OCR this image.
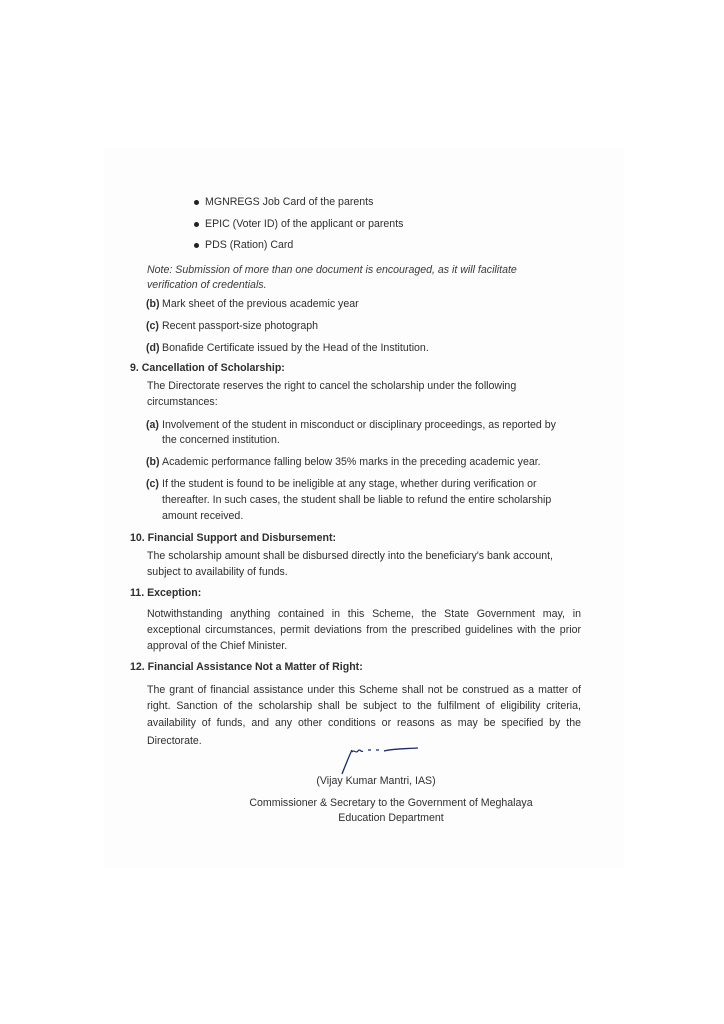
MGNREGS Job Card of the parents
EPIC (Voter ID) of the applicant or parents
PDS (Ration) Card
Note: Submission of more than one document is encouraged, as it will facilitate
verification of credentials.
(b) Mark sheet of the previous academic year
(c) Recent passport-size photograph
(d) Bonafide Certificate issued by the Head of the Institution.
9. Cancellation of Scholarship:
The Directorate reserves the right to cancel the scholarship under the following
circumstances:
(a) Involvement of the student in misconduct or disciplinary proceedings, as reported by
the concerned institution.
(b) Academic performance falling below 35% marks in the preceding academic year.
(c) If the student is found to be ineligible at any stage, whether during verification or
thereafter. In such cases, the student shall be liable to refund the entire scholarship
amount received.
10. Financial Support and Disbursement:
The scholarship amount shall be disbursed directly into the beneficiary's bank account,
subject to availability of funds.
11. Exception:
Notwithstanding anything contained in this Scheme, the State Government may, in
exceptional circumstances, permit deviations from the prescribed guidelines with the prior
approval of the Chief Minister.
12. Financial Assistance Not a Matter of Right:
The grant of financial assistance under this Scheme shall not be construed as a matter of
right. Sanction of the scholarship shall be subject to the fulfilment of eligibility criteria,
availability of funds, and any other conditions or reasons as may be specified by the
Directorate.
(Vijay Kumar Mantri, IAS)
Commissioner & Secretary to the Government of Meghalaya
Education Department
